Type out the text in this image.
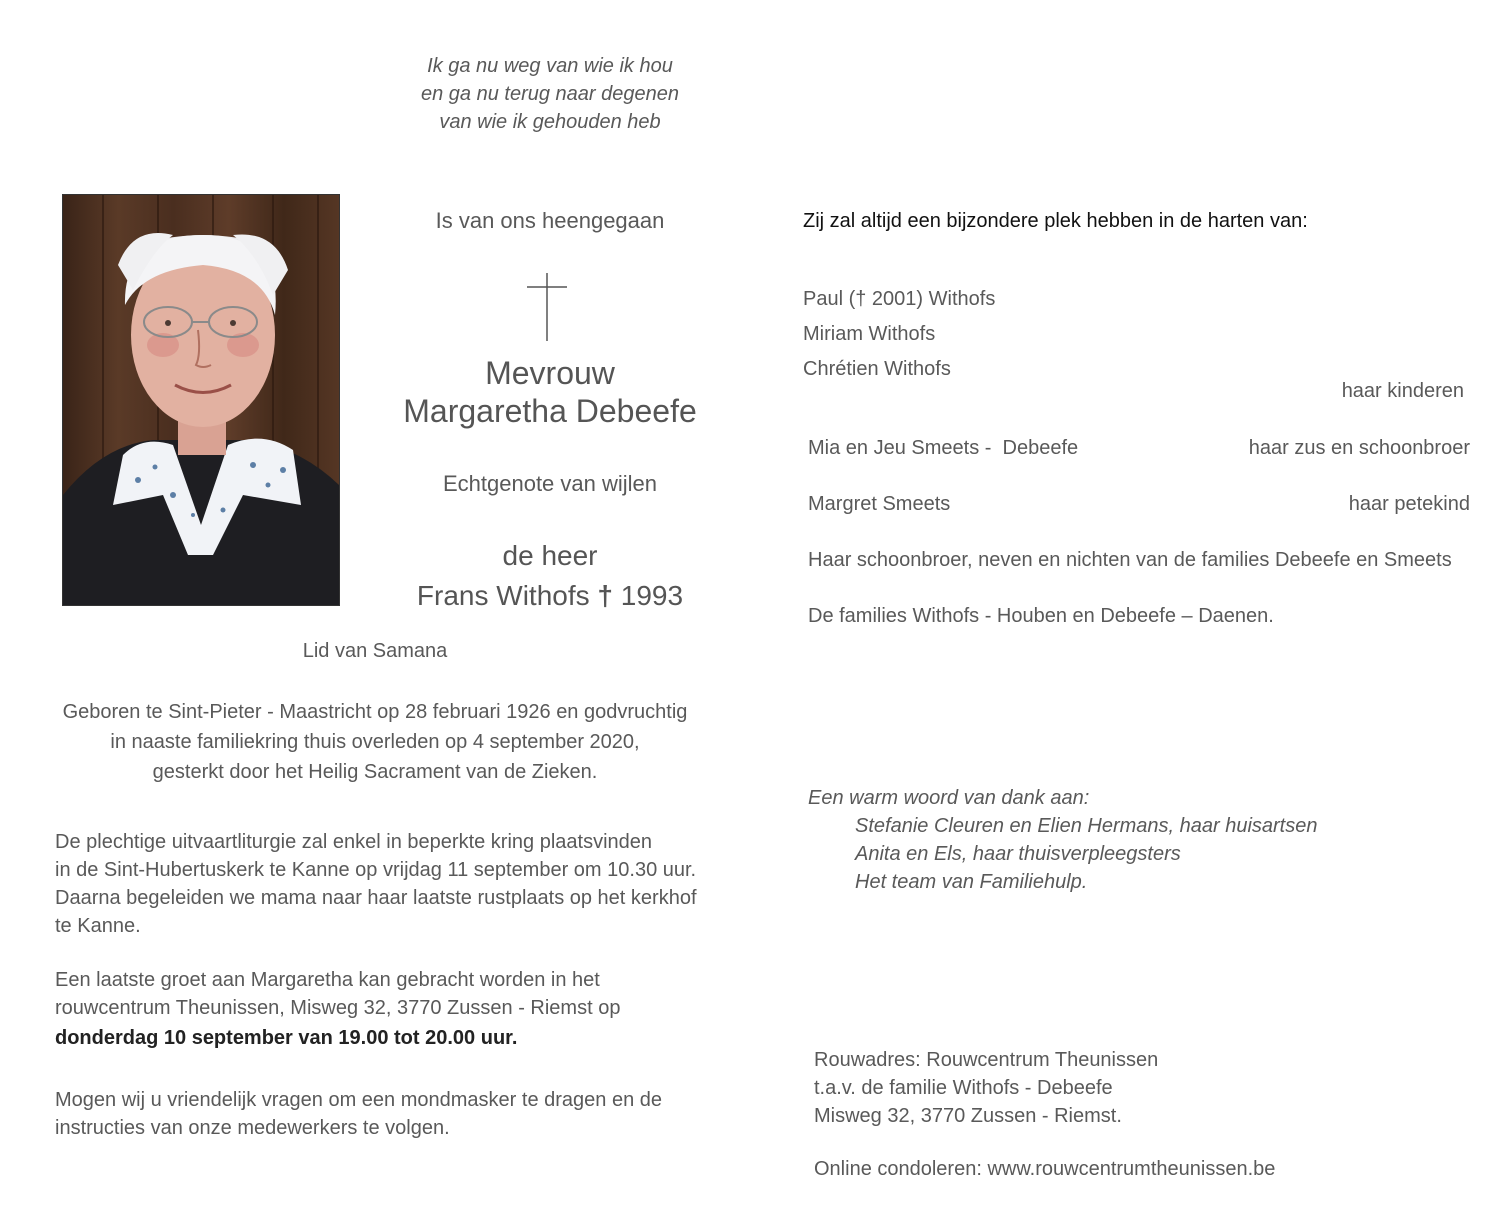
Ik ga nu weg van wie ik hou
en ga nu terug naar degenen
van wie ik gehouden heb
Is van ons heengegaan
Mevrouw
Margaretha Debeefe
Echtgenote van wijlen
de heer
Frans Withofs † 1993
Lid van Samana
Geboren te Sint-Pieter - Maastricht op 28 februari 1926 en godvruchtig
in naaste familiekring thuis overleden op 4 september 2020,
gesterkt door het Heilig Sacrament van de Zieken.
De plechtige uitvaartliturgie zal enkel in beperkte kring plaatsvinden
in de Sint-Hubertuskerk te Kanne op vrijdag 11 september om 10.30 uur.
Daarna begeleiden we mama naar haar laatste rustplaats op het kerkhof
te Kanne.
Een laatste groet aan Margaretha kan gebracht worden in het
rouwcentrum Theunissen, Misweg 32, 3770 Zussen - Riemst op
donderdag 10 september van 19.00 tot 20.00 uur.
Mogen wij u vriendelijk vragen om een mondmasker te dragen en de
instructies van onze medewerkers te volgen.
Zij zal altijd een bijzondere plek hebben in de harten van:
Paul († 2001) Withofs
Miriam Withofs
Chrétien Withofs
haar kinderen
Mia en Jeu Smeets -  Debeefe	haar zus en schoonbroer
Margret Smeets	haar petekind
Haar schoonbroer, neven en nichten van de families Debeefe en Smeets
De families Withofs - Houben en Debeefe – Daenen.
Een warm woord van dank aan:
Stefanie Cleuren en Elien Hermans, haar huisartsen
Anita en Els, haar thuisverpleegsters
Het team van Familiehulp.
Rouwadres: Rouwcentrum Theunissen
t.a.v. de familie Withofs - Debeefe
Misweg 32, 3770 Zussen - Riemst.
Online condoleren: www.rouwcentrumtheunissen.be
